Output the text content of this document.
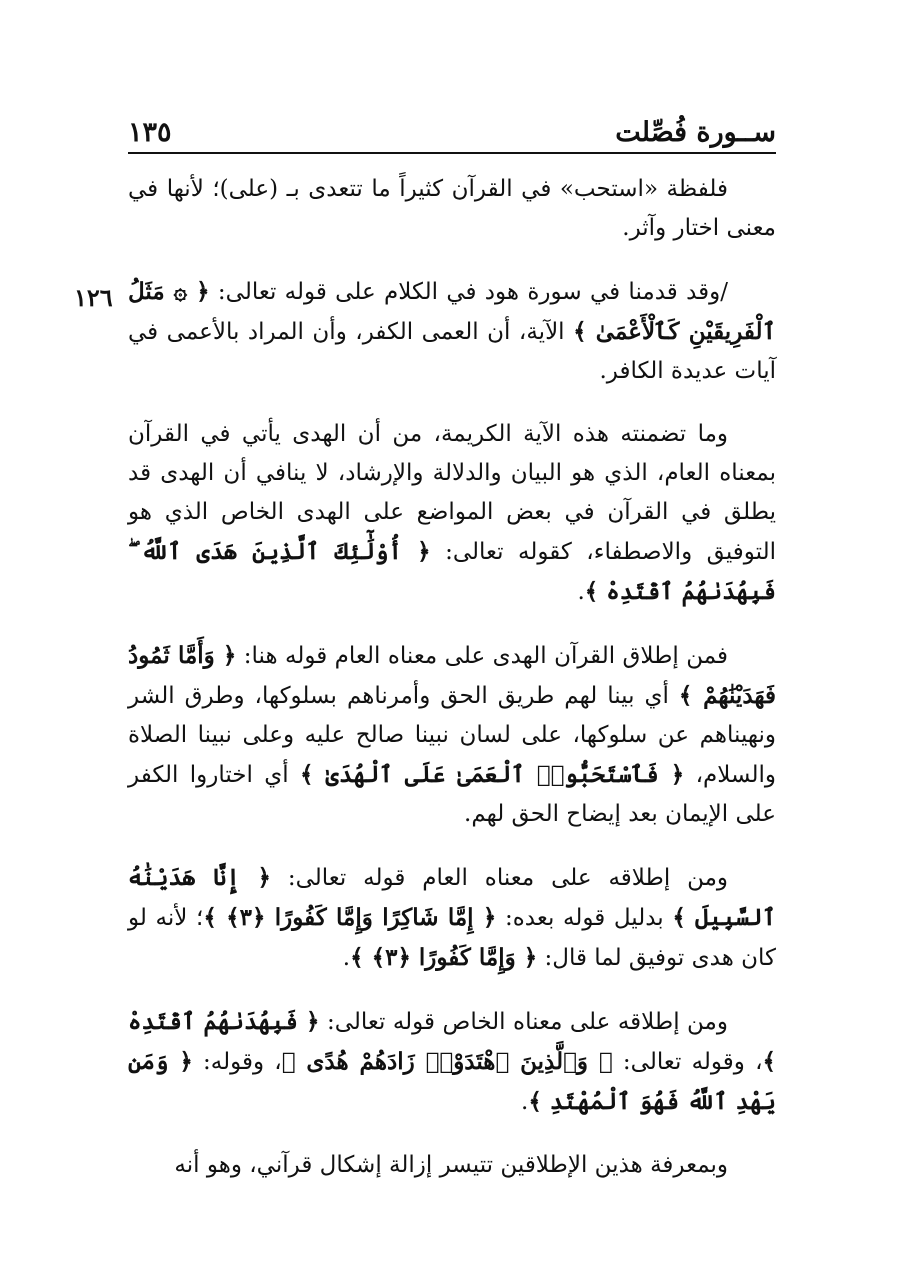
ســورة فُصِّلت
١٣٥
١٢٦

فلفظة «استحب» في القرآن كثيراً ما تتعدى بـ (على)؛ لأنها في معنى اختار وآثر.

/وقد قدمنا في سورة هود في الكلام على قوله تعالى: ﴿ ۞ مَثَلُ ٱلْفَرِيقَيْنِ كَٱلْأَعْمَىٰ ﴾ الآية، أن العمى الكفر، وأن المراد بالأعمى في آيات عديدة الكافر.

وما تضمنته هذه الآية الكريمة، من أن الهدى يأتي في القرآن بمعناه العام، الذي هو البيان والدلالة والإرشاد، لا ينافي أن الهدى قد يطلق في القرآن في بعض المواضع على الهدى الخاص الذي هو التوفيق والاصطفاء، كقوله تعالى: ﴿ أُوْلَٰٓئِكَ ٱلَّذِينَ هَدَى ٱللَّهُ ۖ فَبِهُدَىٰهُمُ ٱقْتَدِهْ ﴾.

فمن إطلاق القرآن الهدى على معناه العام قوله هنا: ﴿ وَأَمَّا ثَمُودُ فَهَدَيْنَٰهُمْ ﴾ أي بينا لهم طريق الحق وأمرناهم بسلوكها، وطرق الشر ونهيناهم عن سلوكها، على لسان نبينا صالح عليه وعلى نبينا الصلاة والسلام، ﴿ فَٱسْتَحَبُّوا۟ ٱلْعَمَىٰ عَلَى ٱلْهُدَىٰ ﴾ أي اختاروا الكفر على الإيمان بعد إيضاح الحق لهم.

ومن إطلاقه على معناه العام قوله تعالى: ﴿ إِنَّا هَدَيْنَٰهُ ٱلسَّبِيلَ ﴾ بدليل قوله بعده: ﴿ إِمَّا شَاكِرًا وَإِمَّا كَفُورًا ﴿٣﴾ ﴾؛ لأنه لو كان هدى توفيق لما قال: ﴿ وَإِمَّا كَفُورًا ﴿٣﴾ ﴾.

ومن إطلاقه على معناه الخاص قوله تعالى: ﴿ فَبِهُدَىٰهُمُ ٱقْتَدِهْ ﴾، وقوله تعالى: ﴿ وَٱلَّذِينَ ٱهْتَدَوْا۟ زَادَهُمْ هُدًى ﴾، وقوله: ﴿ وَمَن يَهْدِ ٱللَّهُ فَهُوَ ٱلْمُهْتَدِ ﴾.

وبمعرفة هذين الإطلاقين تتيسر إزالة إشكال قرآني، وهو أنه
